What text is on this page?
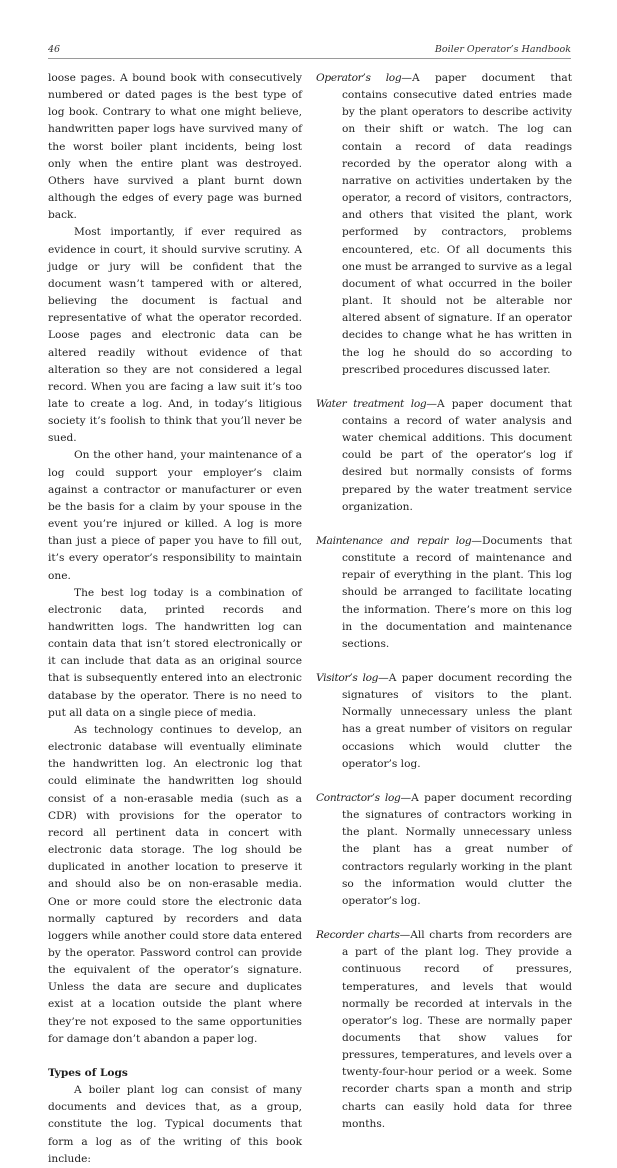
46	Boiler Operator’s Handbook

loose pages. A bound book with consecutively numbered or dated pages is the best type of log book. Contrary to what one might believe, handwritten paper logs have survived many of the worst boiler plant incidents, being lost only when the entire plant was destroyed. Others have survived a plant burnt down although the edges of every page was burned back.

Most importantly, if ever required as evidence in court, it should survive scrutiny. A judge or jury will be confident that the document wasn’t tampered with or altered, believing the document is factual and representative of what the operator recorded. Loose pages and electronic data can be altered readily without evidence of that alteration so they are not considered a legal record. When you are facing a law suit it’s too late to create a log. And, in today’s litigious society it’s foolish to think that you’ll never be sued.

On the other hand, your maintenance of a log could support your employer’s claim against a contractor or manufacturer or even be the basis for a claim by your spouse in the event you’re injured or killed. A log is more than just a piece of paper you have to fill out, it’s every operator’s responsibility to maintain one.

The best log today is a combination of electronic data, printed records and handwritten logs. The handwritten log can contain data that isn’t stored electronically or it can include that data as an original source that is subsequently entered into an electronic database by the operator. There is no need to put all data on a single piece of media.

As technology continues to develop, an electronic database will eventually eliminate the handwritten log. An electronic log that could eliminate the handwritten log should consist of a non-erasable media (such as a CDR) with provisions for the operator to record all pertinent data in concert with electronic data storage. The log should be duplicated in another location to preserve it and should also be on non-erasable media. One or more could store the electronic data normally captured by recorders and data loggers while another could store data entered by the operator. Password control can provide the equivalent of the operator’s signature. Unless the data are secure and duplicates exist at a location outside the plant where they’re not exposed to the same opportunities for damage don’t abandon a paper log.

Types of Logs

A boiler plant log can consist of many documents and devices that, as a group, constitute the log. Typical documents that form a log as of the writing of this book include:

Operator’s log—A paper document that contains consecutive dated entries made by the plant operators to describe activity on their shift or watch. The log can contain a record of data readings recorded by the operator along with a narrative on activities undertaken by the operator, a record of visitors, contractors, and others that visited the plant, work performed by contractors, problems encountered, etc. Of all documents this one must be arranged to survive as a legal document of what occurred in the boiler plant. It should not be alterable nor altered absent of signature. If an operator decides to change what he has written in the log he should do so according to prescribed procedures discussed later.

Water treatment log—A paper document that contains a record of water analysis and water chemical additions. This document could be part of the operator’s log if desired but normally consists of forms prepared by the water treatment service organization.

Maintenance and repair log—Documents that constitute a record of maintenance and repair of everything in the plant. This log should be arranged to facilitate locating the information. There’s more on this log in the documentation and maintenance sections.

Visitor’s log—A paper document recording the signatures of visitors to the plant. Normally unnecessary unless the plant has a great number of visitors on regular occasions which would clutter the operator’s log.

Contractor’s log—A paper document recording the signatures of contractors working in the plant. Normally unnecessary unless the plant has a great number of contractors regularly working in the plant so the information would clutter the operator’s log.

Recorder charts—All charts from recorders are a part of the plant log. They provide a continuous record of pressures, temperatures, and levels that would normally be recorded at intervals in the operator’s log. These are normally paper documents that show values for pressures, temperatures, and levels over a twenty-four-hour period or a week. Some recorder charts span a month and strip charts can easily hold data for three months.
